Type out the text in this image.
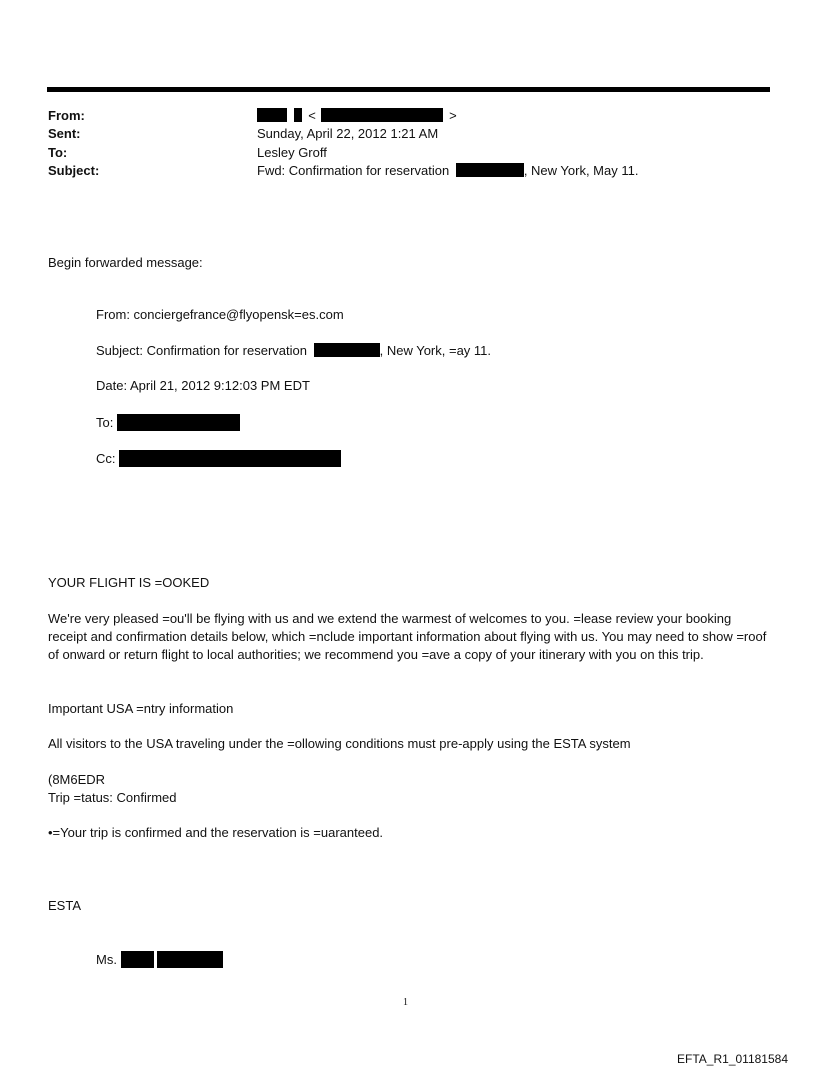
From:	<	>
Sent:	Sunday, April 22, 2012 1:21 AM
To:	Lesley Groff
Subject:	Fwd: Confirmation for reservation	, New York, May 11.
Begin forwarded message:
From: conciergefrance@flyopensk=es.com
Subject: Confirmation for reservation	, New York, =ay 11.
Date: April 21, 2012 9:12:03 PM EDT
To:
Cc:
YOUR FLIGHT IS =OOKED
We're very pleased =ou'll be flying with us and we extend the warmest of welcomes to you. =lease review your booking receipt and confirmation details below, which =nclude important information about flying with us. You may need to show =roof of onward or return flight to local authorities; we recommend you =ave a copy of your itinerary with you on this trip.
Important USA =ntry information
All visitors to the USA traveling under the =ollowing conditions must pre-apply using the ESTA system
(8M6EDR
Trip =tatus: Confirmed
•=Your trip is confirmed and the reservation is =uaranteed.
ESTA
Ms.
1
EFTA_R1_01181584
